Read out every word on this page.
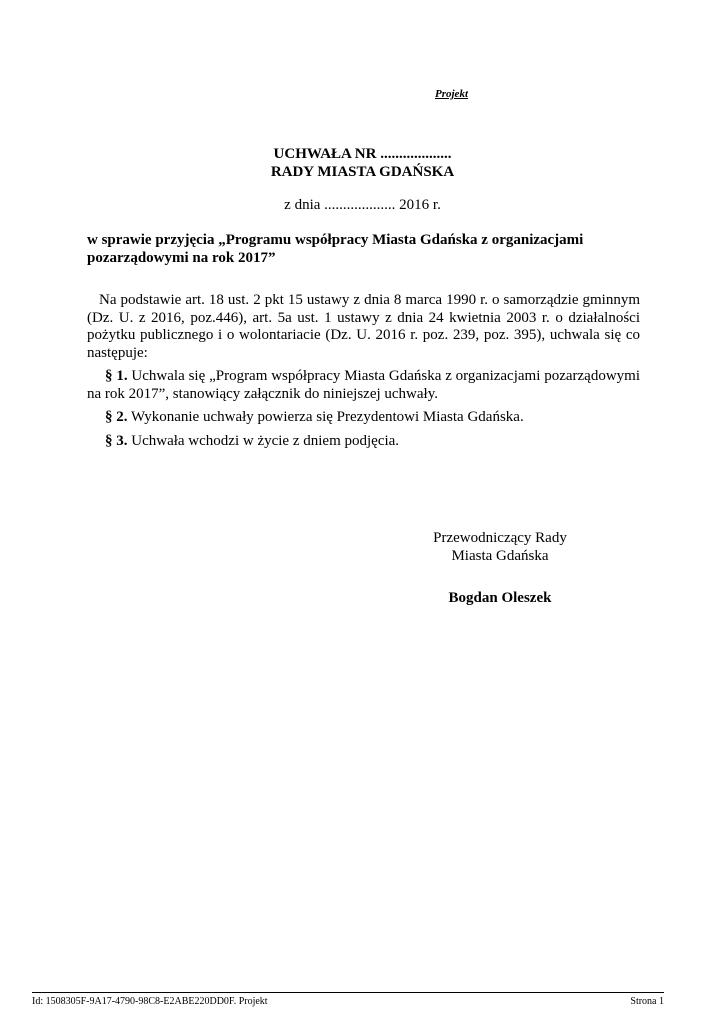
Projekt
UCHWAŁA NR ...................
RADY MIASTA GDAŃSKA
z dnia ................... 2016 r.
w sprawie przyjęcia „Programu współpracy Miasta Gdańska z organizacjami pozarządowymi na rok 2017”

Na podstawie art. 18 ust. 2 pkt 15 ustawy z dnia 8 marca 1990 r. o samorządzie gminnym (Dz. U. z 2016, poz.446), art. 5a ust. 1 ustawy z dnia 24 kwietnia 2003 r. o działalności pożytku publicznego i o wolontariacie (Dz. U. 2016 r. poz. 239, poz. 395), uchwala się co następuje:

§ 1. Uchwala się „Program współpracy Miasta Gdańska z organizacjami pozarządowymi na rok 2017”, stanowiący załącznik do niniejszej uchwały.

§ 2. Wykonanie uchwały powierza się Prezydentowi Miasta Gdańska.

§ 3. Uchwała wchodzi w życie z dniem podjęcia.

Przewodniczący Rady
Miasta Gdańska
Bogdan Oleszek
Id: 1508305F-9A17-4790-98C8-E2ABE220DD0F. Projekt	Strona 1
